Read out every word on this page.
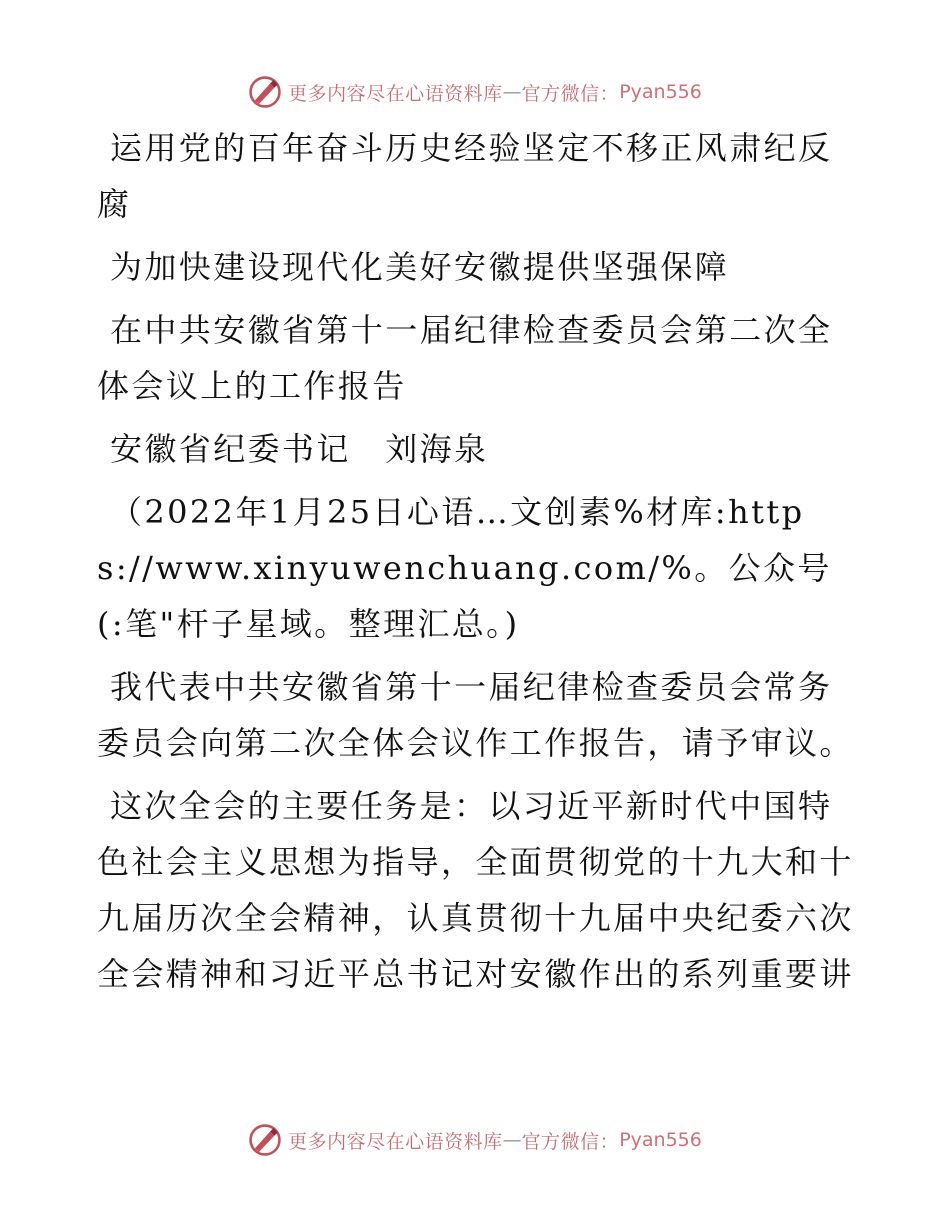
更多内容尽在心语资料库 — 官方微信： Pyan556

运用党的百年奋斗历史经验坚定不移正风肃纪反腐

为加快建设现代化美好安徽提供坚强保障

在中共安徽省第十一届纪律检查委员会第二次全体会议上的工作报告

安徽省纪委书记　刘海泉

（2022年1月25日心语…文创素%材库:https://www.xinyuwenchuang.com/%。公众号(:笔"杆子星域。整理汇总。)

我代表中共安徽省第十一届纪律检查委员会常务委员会向第二次全体会议作工作报告，请予审议。

这次全会的主要任务是：以习近平新时代中国特色社会主义思想为指导，全面贯彻党的十九大和十九届历次全会精神，认真贯彻十九届中央纪委六次全会精神和习近平总书记对安徽作出的系列重要讲

更多内容尽在心语资料库 — 官方微信： Pyan556
